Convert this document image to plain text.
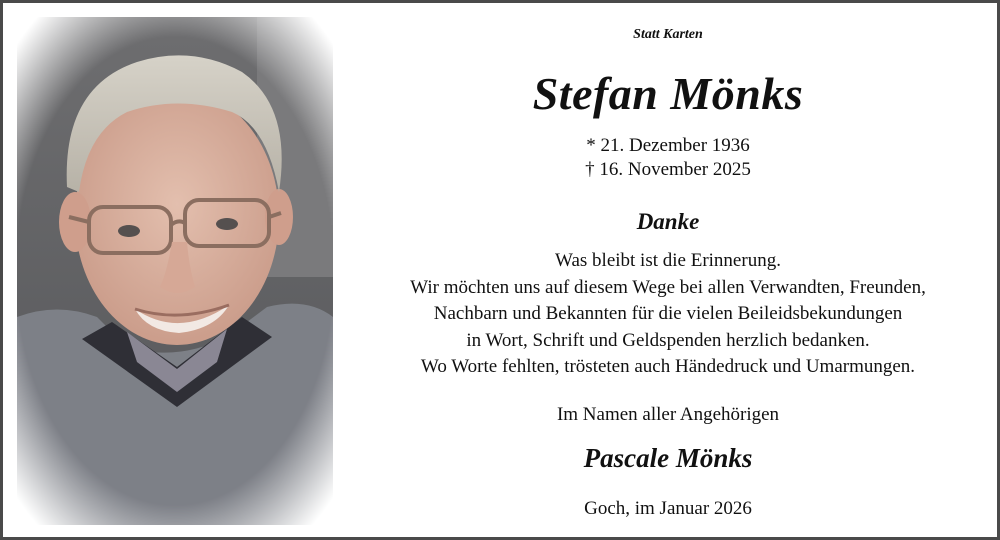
Statt Karten
Stefan Mönks
* 21. Dezember 1936
† 16. November 2025
Danke
Was bleibt ist die Erinnerung.
Wir möchten uns auf diesem Wege bei allen Verwandten, Freunden,
Nachbarn und Bekannten für die vielen Beileidsbekundungen
in Wort, Schrift und Geldspenden herzlich bedanken.
Wo Worte fehlten, trösteten auch Händedruck und Umarmungen.
Im Namen aller Angehörigen
Pascale Mönks
Goch, im Januar 2026
